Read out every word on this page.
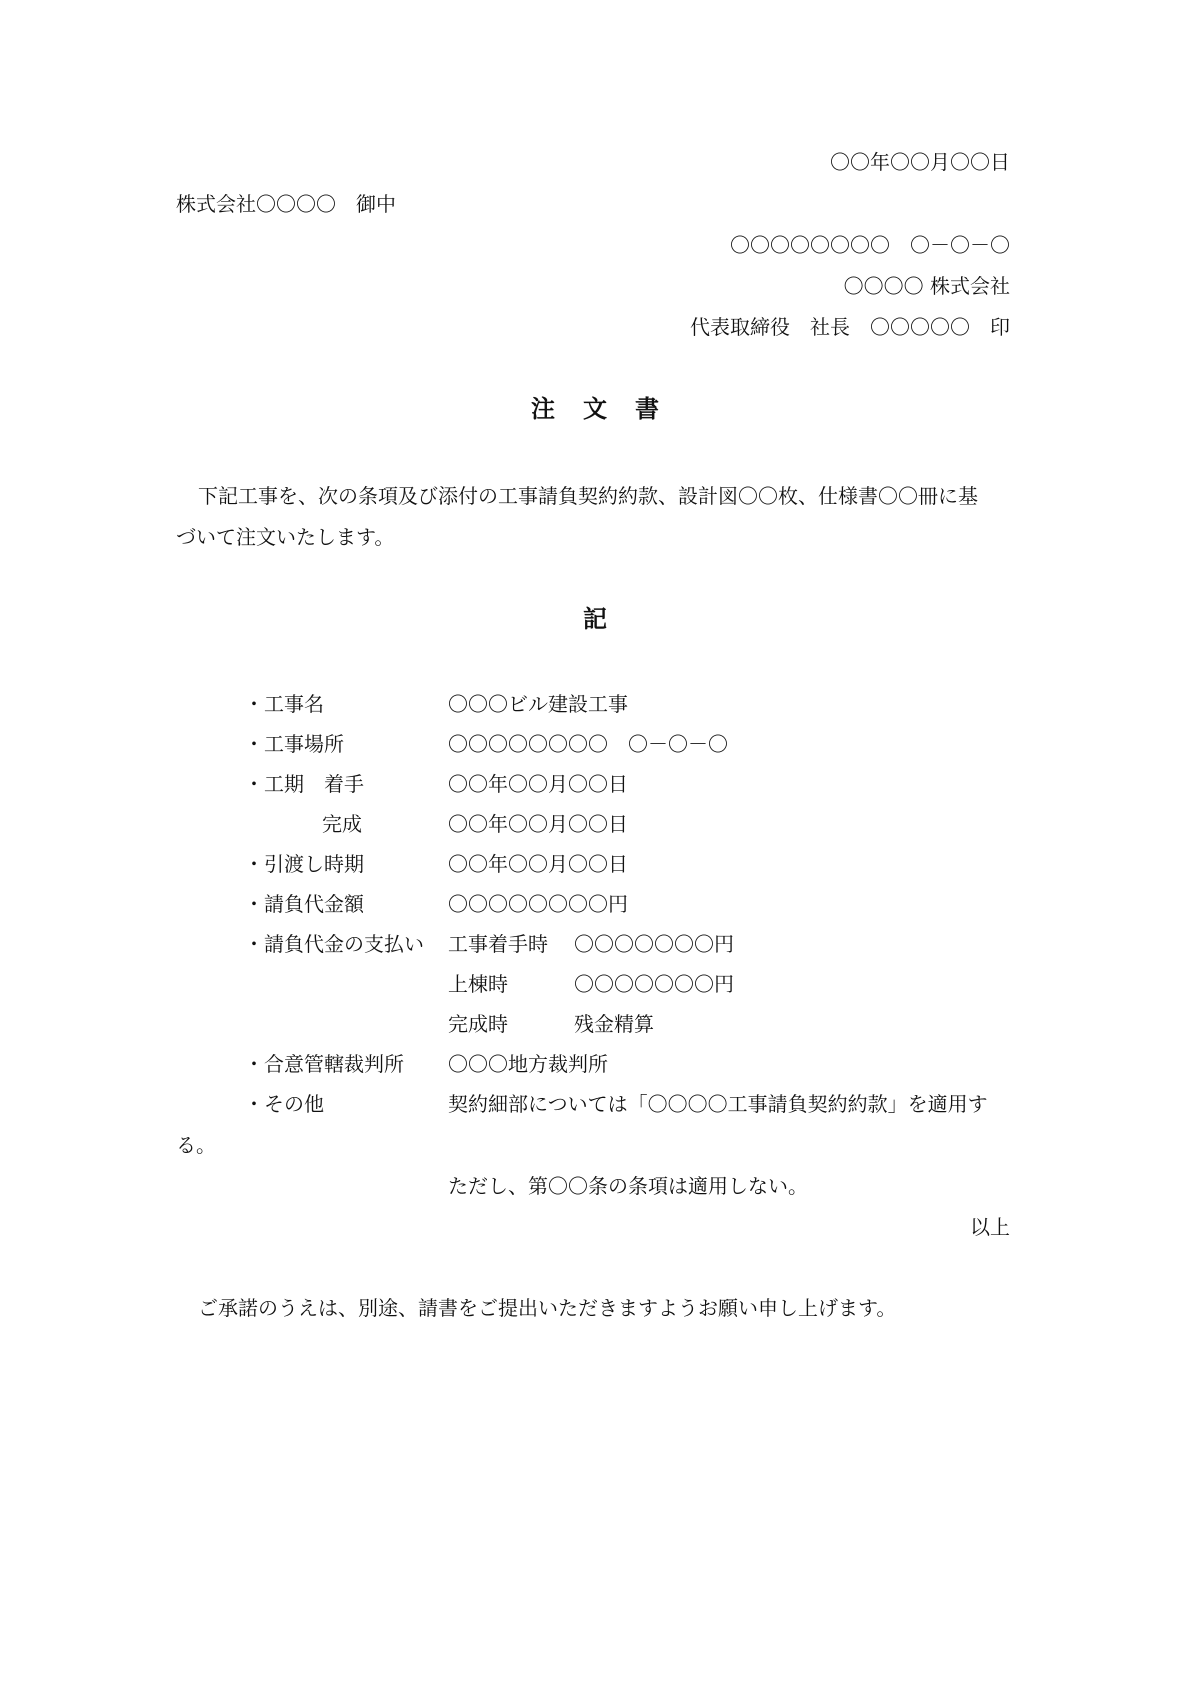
〇〇年〇〇月〇〇日
株式会社〇〇〇〇　御中
〇〇〇〇〇〇〇〇　〇－〇－〇
〇〇〇〇 株式会社
代表取締役　社長　〇〇〇〇〇　印
注 文 書
下記工事を、次の条項及び添付の工事請負契約約款、設計図〇〇枚、仕様書〇〇冊に基
づいて注文いたします。
記
・工事名	〇〇〇ビル建設工事
・工事場所	〇〇〇〇〇〇〇〇　〇－〇－〇
・工期　着手	〇〇年〇〇月〇〇日
完成	〇〇年〇〇月〇〇日
・引渡し時期	〇〇年〇〇月〇〇日
・請負代金額	〇〇〇〇〇〇〇〇円
・請負代金の支払い 工事着手時 〇〇〇〇〇〇〇円
上棟時	〇〇〇〇〇〇〇円
完成時	残金精算
・合意管轄裁判所 〇〇〇地方裁判所
・その他	契約細部については「〇〇〇〇工事請負契約約款」を適用す
る。
ただし、第〇〇条の条項は適用しない。
以上
ご承諾のうえは、別途、請書をご提出いただきますようお願い申し上げます。
